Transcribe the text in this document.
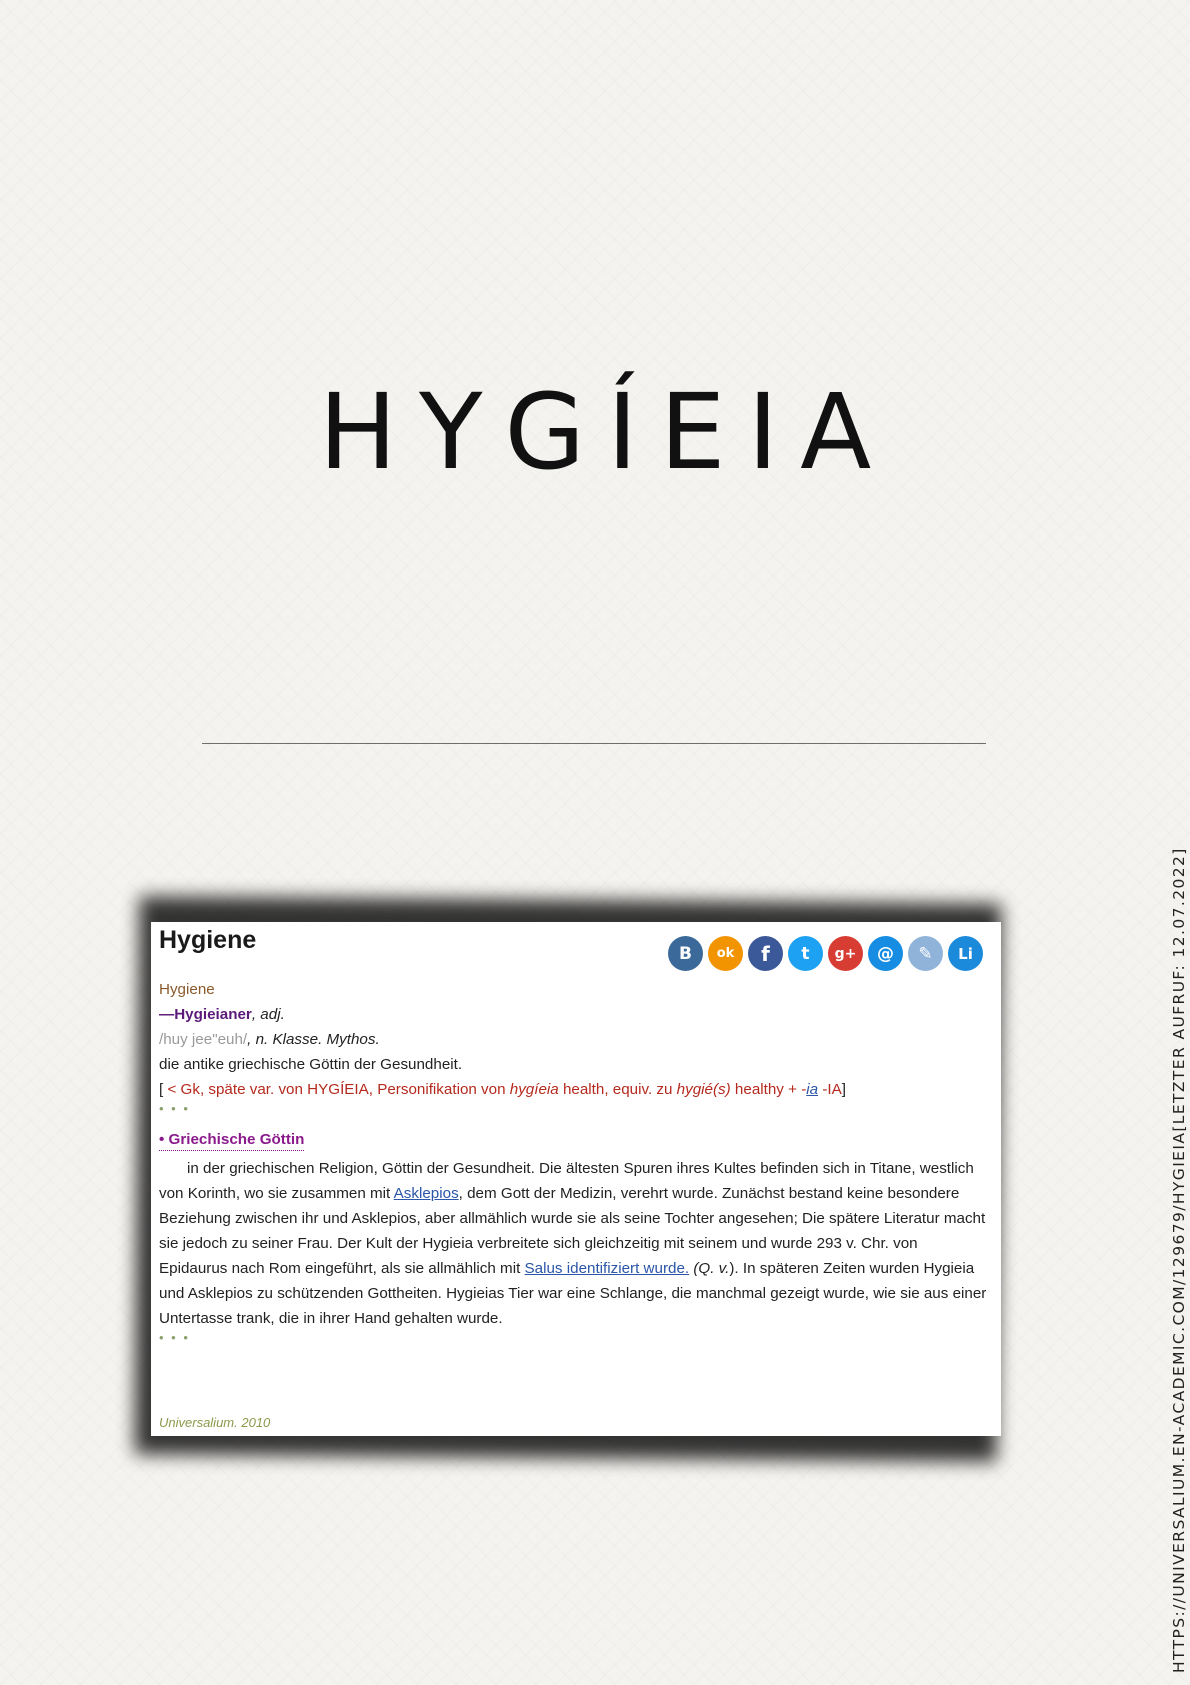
HYGÍEIA
Hygiene	B	ok	f	t	g+	@	✎	Li

Hygiene

—Hygieianer, adj.

/huy jee"euh/, n. Klasse. Mythos.

die antike griechische Göttin der Gesundheit.

[ < Gk, späte var. von HYGÍEIA, Personifikation von hygíeia health, equiv. zu hygié(s) healthy + -ia -IA]

• • •

• Griechische Göttin

in der griechischen Religion, Göttin der Gesundheit. Die ältesten Spuren ihres Kultes befinden sich in Titane, westlich von Korinth, wo sie zusammen mit Asklepios, dem Gott der Medizin, verehrt wurde. Zunächst bestand keine besondere Beziehung zwischen ihr und Asklepios, aber allmählich wurde sie als seine Tochter angesehen; Die spätere Literatur macht sie jedoch zu seiner Frau. Der Kult der Hygieia verbreitete sich gleichzeitig mit seinem und wurde 293 v. Chr. von Epidaurus nach Rom eingeführt, als sie allmählich mit Salus identifiziert wurde. (Q. v.). In späteren Zeiten wurden Hygieia und Asklepios zu schützenden Gottheiten. Hygieias Tier war eine Schlange, die manchmal gezeigt wurde, wie sie aus einer Untertasse trank, die in ihrer Hand gehalten wurde.

• • •

Universalium. 2010	HTTPS://UNIVERSALIUM.EN-ACADEMIC.COM/129679/HYGIEIA[LETZTER AUFRUF: 12.07.2022]
